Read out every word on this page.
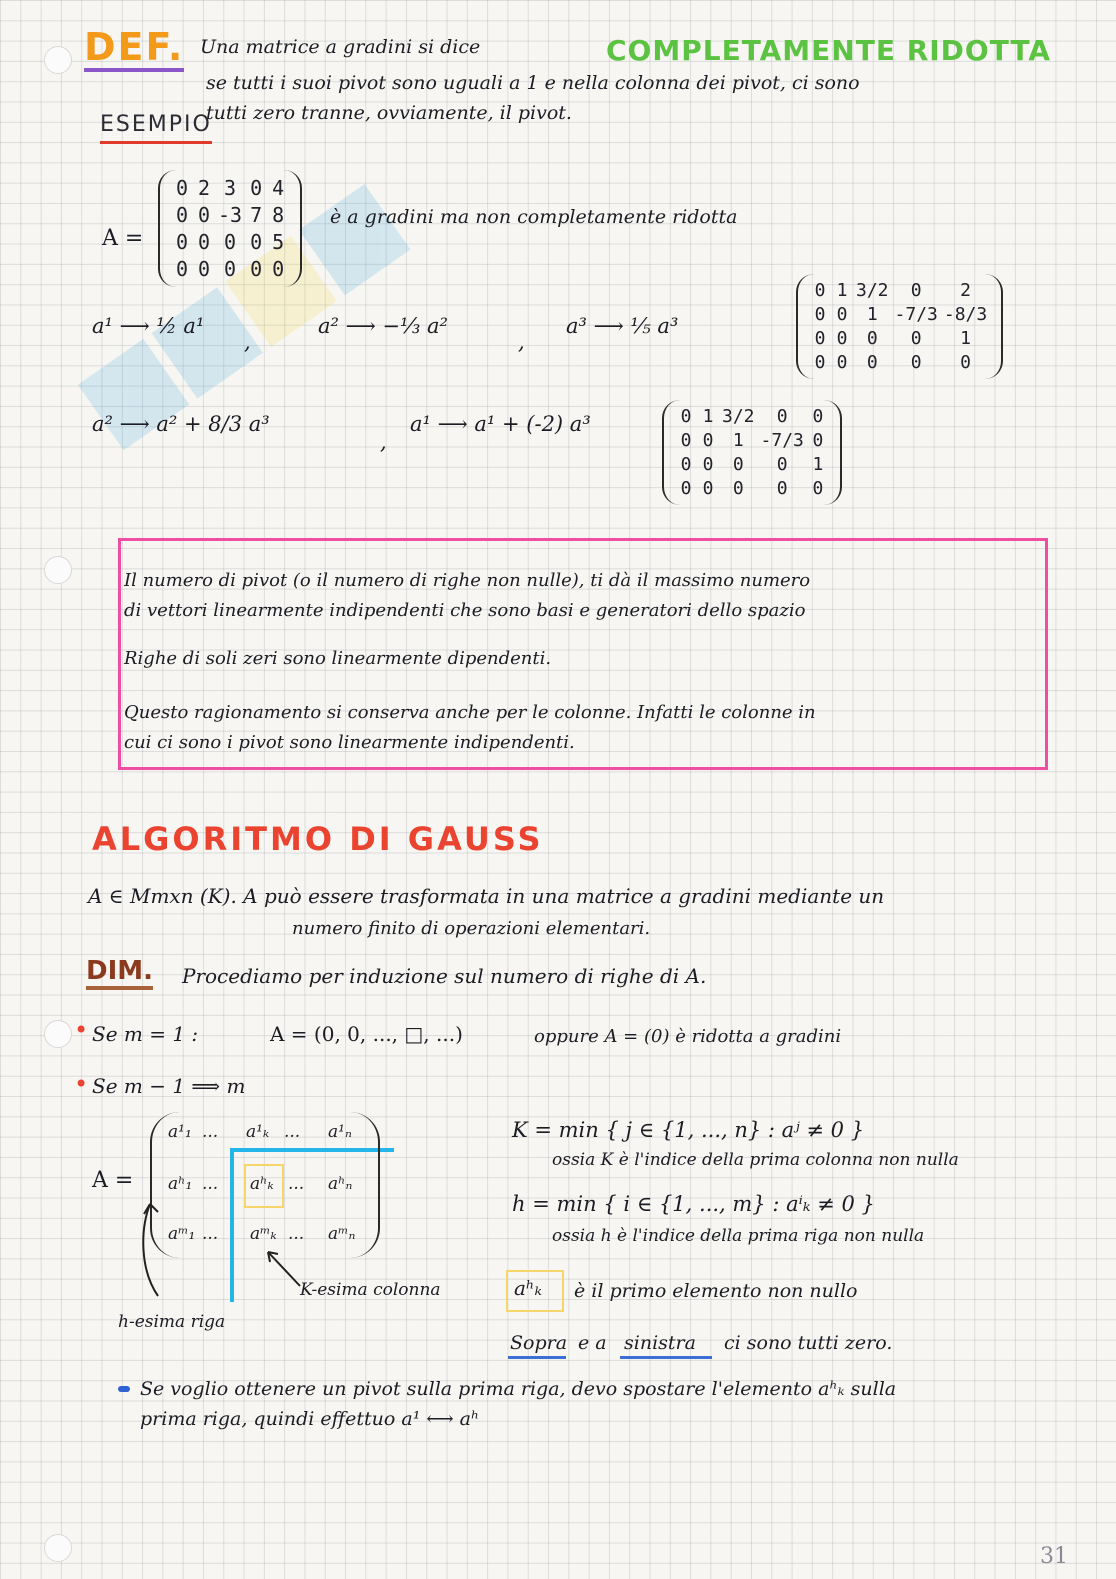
DEF. Una matrice a gradini si dice	COMPLETAMENTE RIDOTTA
se tutti i suoi pivot sono uguali a 1 e nella colonna dei pivot, ci sono
tutti zero tranne, ovviamente, il pivot.
ESEMPIO
A =
0 2 3 0 4
0 0 -3 7 8
0 0 0 0 5
0 0 0 0 0
è a gradini ma non completamente ridotta
a¹ ⟶ ½ a¹
,
a² ⟶ −⅓ a²
,
a³ ⟶ ⅕ a³
0 1 3/2	0	2
0 0	1 -7/3 -8/3
0 0	0	0	1
0 0	0	0	0
a² ⟶ a² + 8/3 a³
,
a¹ ⟶ a¹ + (-2) a³	0 1 3/2	0	0
0 0	1 -7/3 0
0 0	0	0	1
0 0	0	0	0
Il numero di pivot (o il numero di righe non nulle), ti dà il massimo numero
di vettori linearmente indipendenti che sono basi e generatori dello spazio
Righe di soli zeri sono linearmente dipendenti.
Questo ragionamento si conserva anche per le colonne. Infatti le colonne in
cui ci sono i pivot sono linearmente indipendenti.
ALGORITMO DI GAUSS
A ∈ Mmxn (K). A può essere trasformata in una matrice a gradini mediante un
numero finito di operazioni elementari.
DIM. Procediamo per induzione sul numero di righe di A.
• Se m = 1 :	A = (0, 0, ..., □, ...)	oppure A = (0) è ridotta a gradini
• Se m − 1 ⟹ m
A =
a¹₁ ... a¹ₖ ... a¹ₙ
aʰ₁ ... aʰₖ ... aʰₙ
aᵐ₁ ... aᵐₖ ... aᵐₙ
K-esima colonna
h-esima riga
K = min { j ∈ {1, ..., n} : aʲ ≠ 0 }
ossia K è l'indice della prima colonna non nulla
h = min { i ∈ {1, ..., m} : aⁱₖ ≠ 0 }
ossia h è l'indice della prima riga non nulla
aʰₖ è il primo elemento non nullo
Sopra e a sinistra ci sono tutti zero.
Se voglio ottenere un pivot sulla prima riga, devo spostare l'elemento aʰₖ sulla
prima riga, quindi effettuo a¹ ⟷ aʰ
31
